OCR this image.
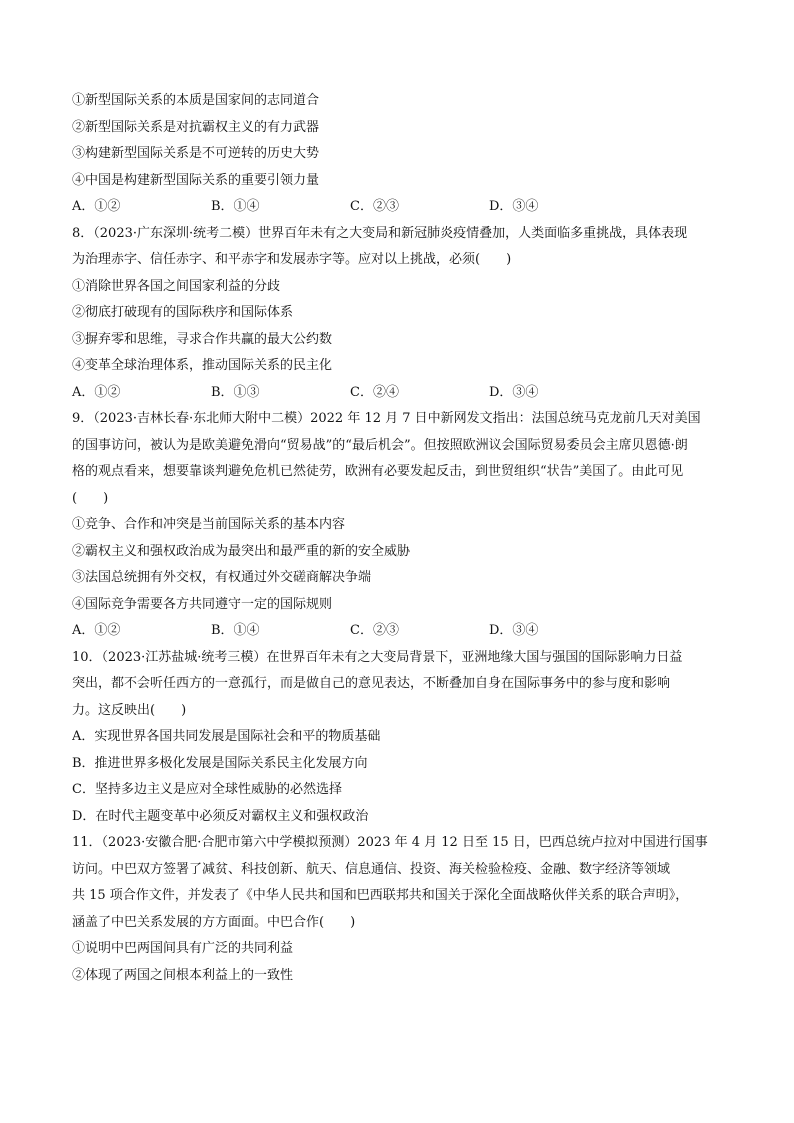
①新型国际关系的本质是国家间的志同道合
②新型国际关系是对抗霸权主义的有力武器
③构建新型国际关系是不可逆转的历史大势
④中国是构建新型国际关系的重要引领力量
A．①②	B．①④	C．②③	D．③④
8．（2023·广东深圳·统考二模）世界百年未有之大变局和新冠肺炎疫情叠加，人类面临多重挑战，具体表现
为治理赤字、信任赤字、和平赤字和发展赤字等。应对以上挑战，必须(　　)
①消除世界各国之间国家利益的分歧
②彻底打破现有的国际秩序和国际体系
③摒弃零和思维，寻求合作共赢的最大公约数
④变革全球治理体系，推动国际关系的民主化
A．①②	B．①③	C．②④	D．③④
9．（2023·吉林长春·东北师大附中二模）2022 年 12 月 7 日中新网发文指出：法国总统马克龙前几天对美国
的国事访问，被认为是欧美避免滑向“贸易战”的“最后机会”。但按照欧洲议会国际贸易委员会主席贝恩德·朗
格的观点看来，想要靠谈判避免危机已然徒劳，欧洲有必要发起反击，到世贸组织“状告”美国了。由此可见
(　　)
①竞争、合作和冲突是当前国际关系的基本内容
②霸权主义和强权政治成为最突出和最严重的新的安全威胁
③法国总统拥有外交权，有权通过外交磋商解决争端
④国际竞争需要各方共同遵守一定的国际规则
A．①②	B．①④	C．②③	D．③④
10．（2023·江苏盐城·统考三模）在世界百年未有之大变局背景下，亚洲地缘大国与强国的国际影响力日益
突出，都不会听任西方的一意孤行，而是做自己的意见表达，不断叠加自身在国际事务中的参与度和影响
力。这反映出(　　)
A．实现世界各国共同发展是国际社会和平的物质基础
B．推进世界多极化发展是国际关系民主化发展方向
C．坚持多边主义是应对全球性威胁的必然选择
D．在时代主题变革中必须反对霸权主义和强权政治
11．（2023·安徽合肥·合肥市第六中学模拟预测）2023 年 4 月 12 日至 15 日，巴西总统卢拉对中国进行国事
访问。中巴双方签署了减贫、科技创新、航天、信息通信、投资、海关检验检疫、金融、数字经济等领域
共 15 项合作文件，并发表了《中华人民共和国和巴西联邦共和国关于深化全面战略伙伴关系的联合声明》，
涵盖了中巴关系发展的方方面面。中巴合作(　　)
①说明中巴两国间具有广泛的共同利益
②体现了两国之间根本利益上的一致性
